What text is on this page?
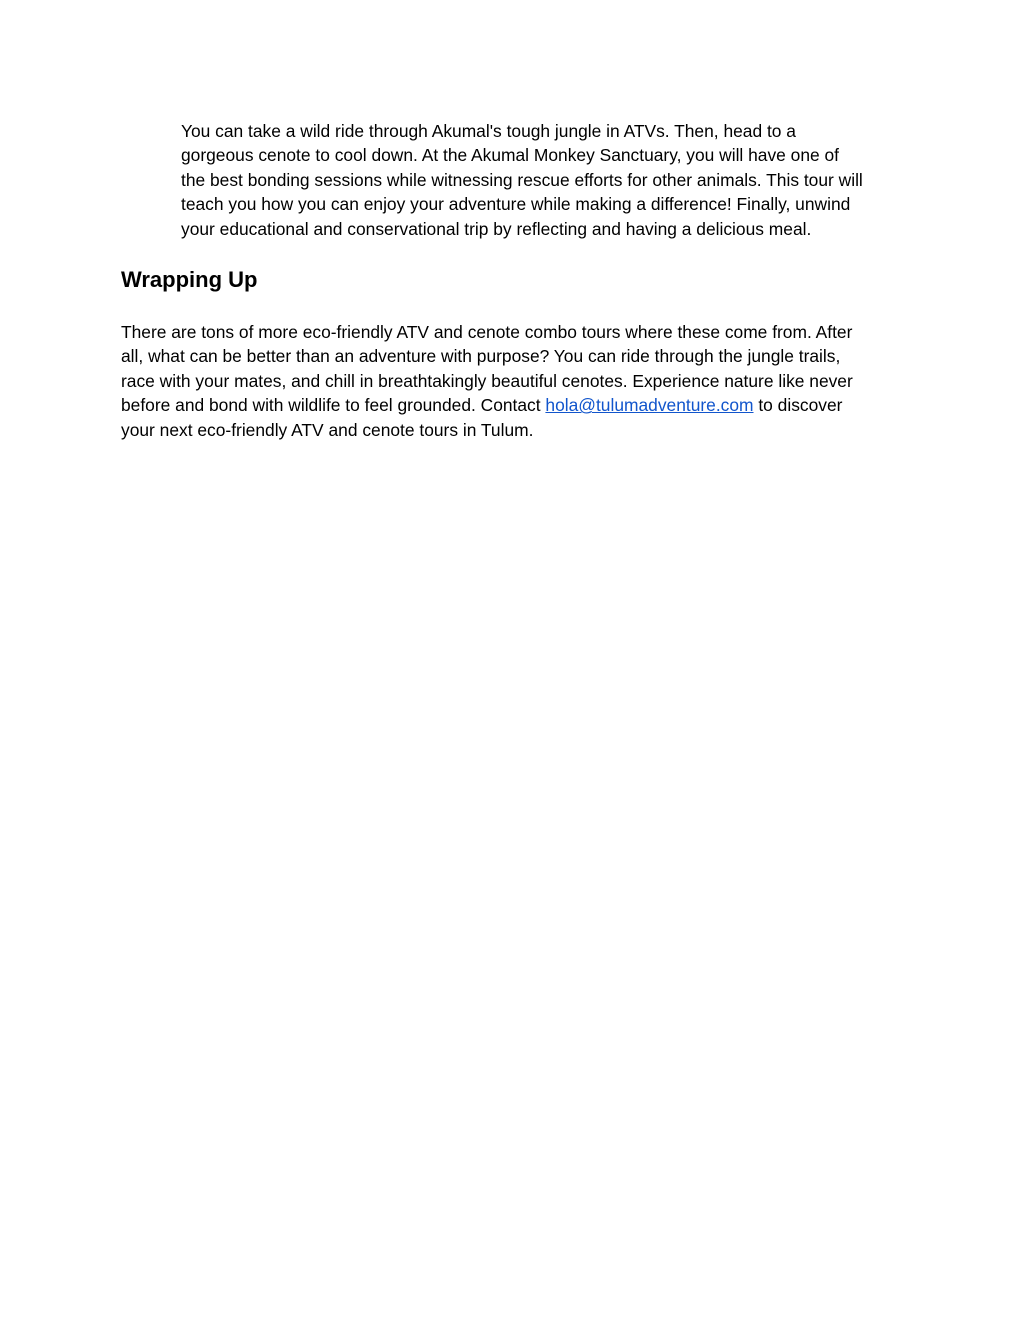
You can take a wild ride through Akumal's tough jungle in ATVs. Then, head to a
gorgeous cenote to cool down. At the Akumal Monkey Sanctuary, you will have one of
the best bonding sessions while witnessing rescue efforts for other animals. This tour will
teach you how you can enjoy your adventure while making a difference! Finally, unwind
your educational and conservational trip by reflecting and having a delicious meal.

Wrapping Up

There are tons of more eco-friendly ATV and cenote combo tours where these come from. After
all, what can be better than an adventure with purpose? You can ride through the jungle trails,
race with your mates, and chill in breathtakingly beautiful cenotes. Experience nature like never
before and bond with wildlife to feel grounded. Contact hola@tulumadventure.com to discover
your next eco-friendly ATV and cenote tours in Tulum.
